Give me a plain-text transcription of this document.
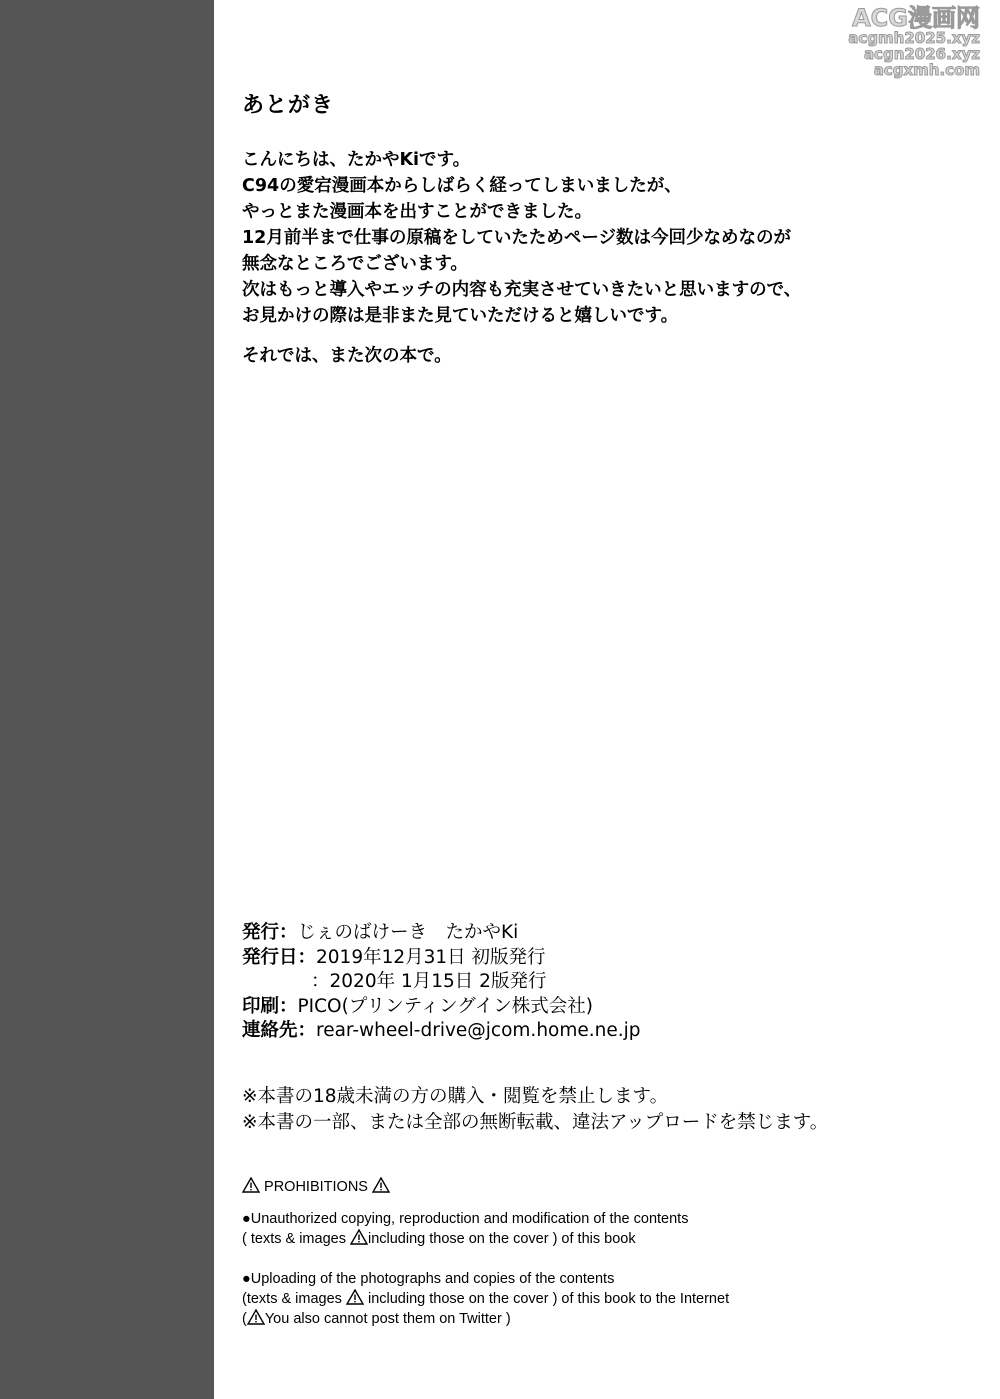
ACG漫画网
acgmh2025.xyz
acgn2026.xyz
acgxmh.com
あとがき
こんにちは、たかやKiです。
C94の愛宕漫画本からしばらく経ってしまいましたが、
やっとまた漫画本を出すことができました。
12月前半まで仕事の原稿をしていたためページ数は今回少なめなのが
無念なところでございます。
次はもっと導入やエッチの内容も充実させていきたいと思いますので、
お見かけの際は是非また見ていただけると嬉しいです。
それでは、また次の本で。
発行：じぇのばけーき　たかやKi
発行日：2019年12月31日 初版発行
：2020年 1月15日 2版発行
印刷：PICO(プリンティングイン株式会社)
連絡先：rear-wheel-drive@jcom.home.ne.jp
※本書の18歳未満の方の購入・閲覧を禁止します。
※本書の一部、または全部の無断転載、違法アップロードを禁じます。
PROHIBITIONS
●Unauthorized copying, reproduction and modification of the contents
( texts & images including those on the cover ) of this book
●Uploading of the photographs and copies of the contents
(texts & images  including those on the cover ) of this book to the Internet
( You also cannot post them on Twitter )
